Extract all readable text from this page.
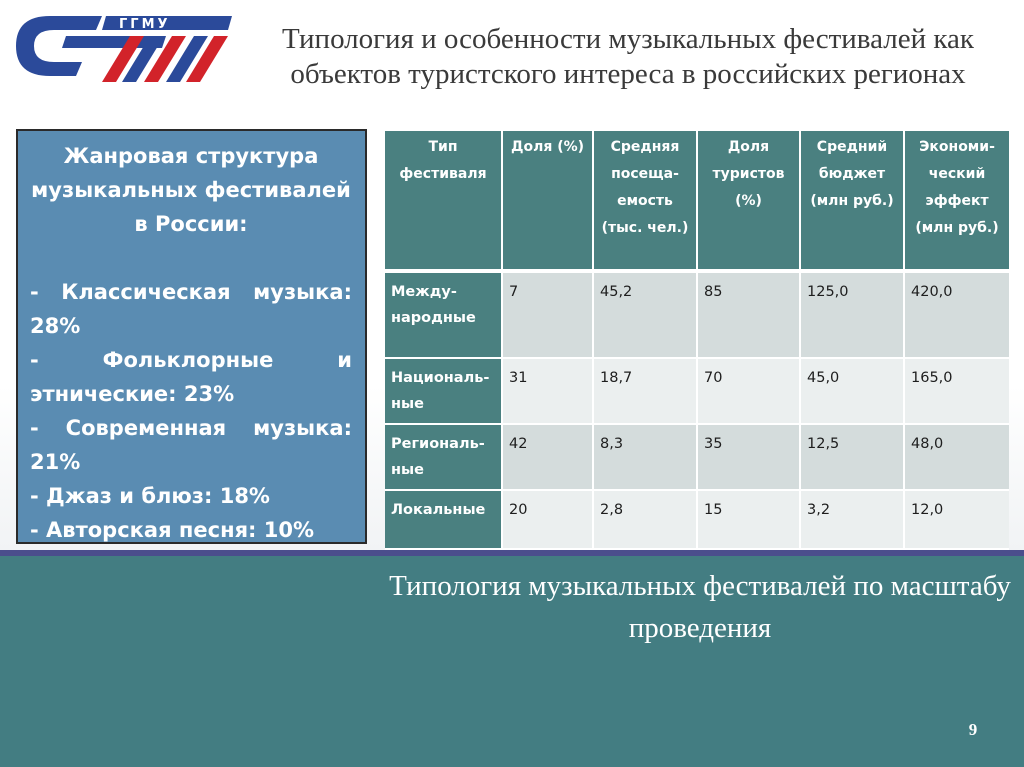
ГГМУ	Типология и особенности музыкальных фестивалей как объектов туристского интереса в российских регионах
Жанровая структура музыкальных фестивалей в России:
- Классическая музыка: 28%
- Фольклорные и этнические: 23%
- Современная музыка: 21%
- Джаз и блюз: 18%
- Авторская песня: 10%
Тип фестиваля	Доля (%)	Средняя посеща-емость (тыс. чел.)	Доля туристов (%)	Средний бюджет (млн руб.)	Экономи-ческий эффект (млн руб.)
Между-народные	7	45,2	85	125,0	420,0
Националь-ные	31	18,7	70	45,0	165,0
Региональ-ные	42	8,3	35	12,5	48,0
Локальные	20	2,8	15	3,2	12,0
Типология музыкальных фестивалей по масштабу проведения
9
